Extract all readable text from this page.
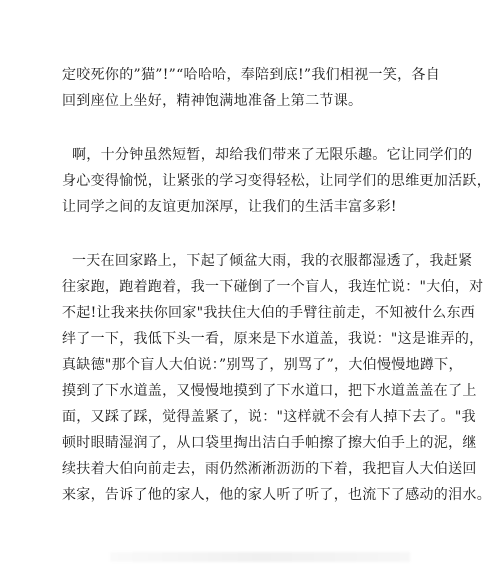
定咬死你的”猫”!”“哈哈哈，奉陪到底!”我们相视一笑，各自
回到座位上坐好，精神饱满地准备上第二节课。
啊，十分钟虽然短暂，却给我们带来了无限乐趣。它让同学们的
身心变得愉悦，让紧张的学习变得轻松，让同学们的思维更加活跃，
让同学之间的友谊更加深厚，让我们的生活丰富多彩!
一天在回家路上，下起了倾盆大雨，我的衣服都湿透了，我赶紧
往家跑，跑着跑着，我一下碰倒了一个盲人，我连忙说："大伯，对
不起!让我来扶你回家"我扶住大伯的手臂往前走，不知被什么东西
绊了一下，我低下头一看，原来是下水道盖，我说："这是谁弄的，
真缺德"那个盲人大伯说：”别骂了，别骂了”，大伯慢慢地蹲下，
摸到了下水道盖，又慢慢地摸到了下水道口，把下水道盖盖在了上
面，又踩了踩，觉得盖紧了，说："这样就不会有人掉下去了。"我
顿时眼睛湿润了，从口袋里掏出洁白手帕擦了擦大伯手上的泥，继
续扶着大伯向前走去，雨仍然淅淅沥沥的下着，我把盲人大伯送回
来家，告诉了他的家人，他的家人听了听了，也流下了感动的泪水。
